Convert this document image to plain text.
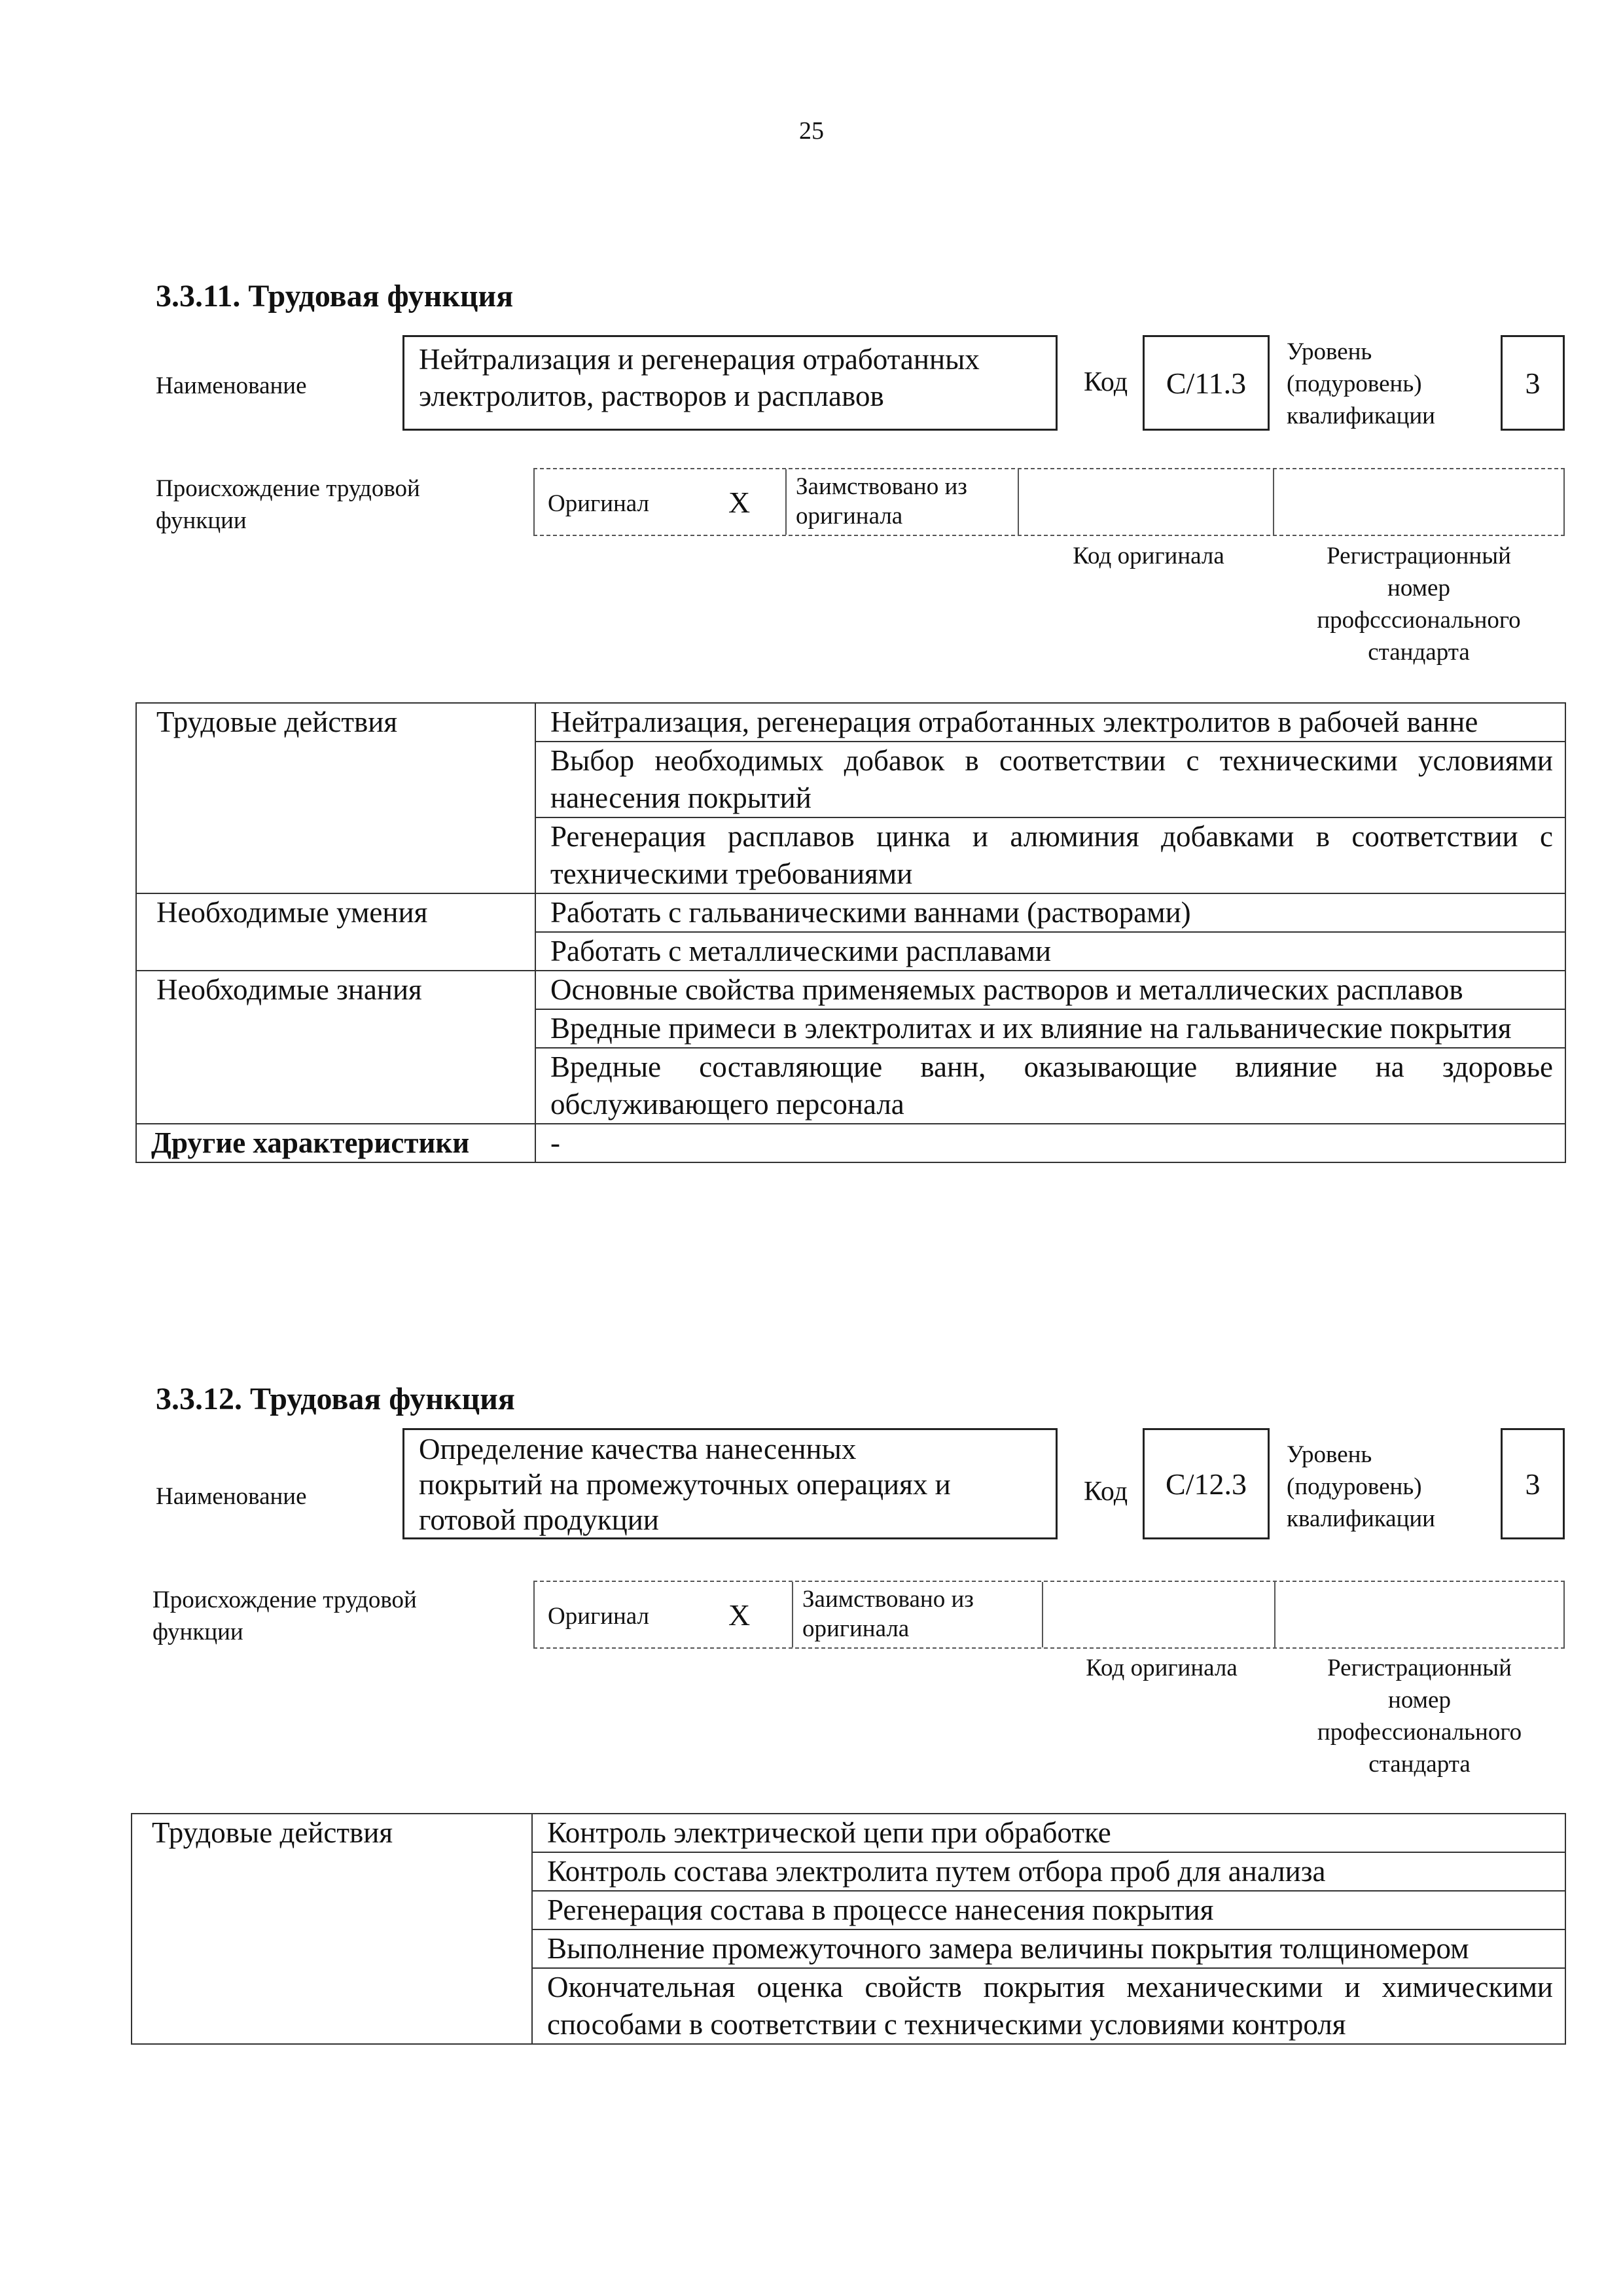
25
3.3.11. Трудовая функция
Наименование
Нейтрализация и регенерация отработанных
электролитов, растворов и расплавов	Код	C/11.3
Уровень
(подуровень)
квалификации
3
Происхождение трудовой
функции
Оригинал	X Заимствовано из
оригинала
Код оригинала	Регистрационный
номер
профсссионального
стандарта
Трудовые действия	Нейтрализация, регенерация отработанных электролитов в рабочей ванне
	Выбор необходимых добавок в соответствии с техническими условиями нанесения покрытий
	Регенерация расплавов цинка и алюминия добавками в соответствии с техническими требованиями
Необходимые умения	Работать с гальваническими ваннами (растворами)
	Работать с металлическими расплавами
Необходимые знания	Основные свойства применяемых растворов и металлических расплавов
	Вредные примеси в электролитах и их влияние на гальванические покрытия
	Вредные составляющие ванн, оказывающие влияние на здоровье обслуживающего персонала
Другие характеристики	-
3.3.12. Трудовая функция
Наименование
Определение качества нанесенных
покрытий на промежуточных операциях и
готовой продукции
Код	C/12.3
Уровень
(подуровень)
квалификации
3
Происхождение трудовой
функции
Оригинал	X Заимствовано из
оригинала
Код оригинала	Регистрационный
номер
профессионального
стандарта
Трудовые действия	Контроль электрической цепи при обработке
Контроль состава электролита путем отбора проб для анализа
Регенерация состава в процессе нанесения покрытия
Выполнение промежуточного замера величины покрытия толщиномером
Окончательная оценка свойств покрытия механическими и химическими способами в соответствии с техническими условиями контроля
